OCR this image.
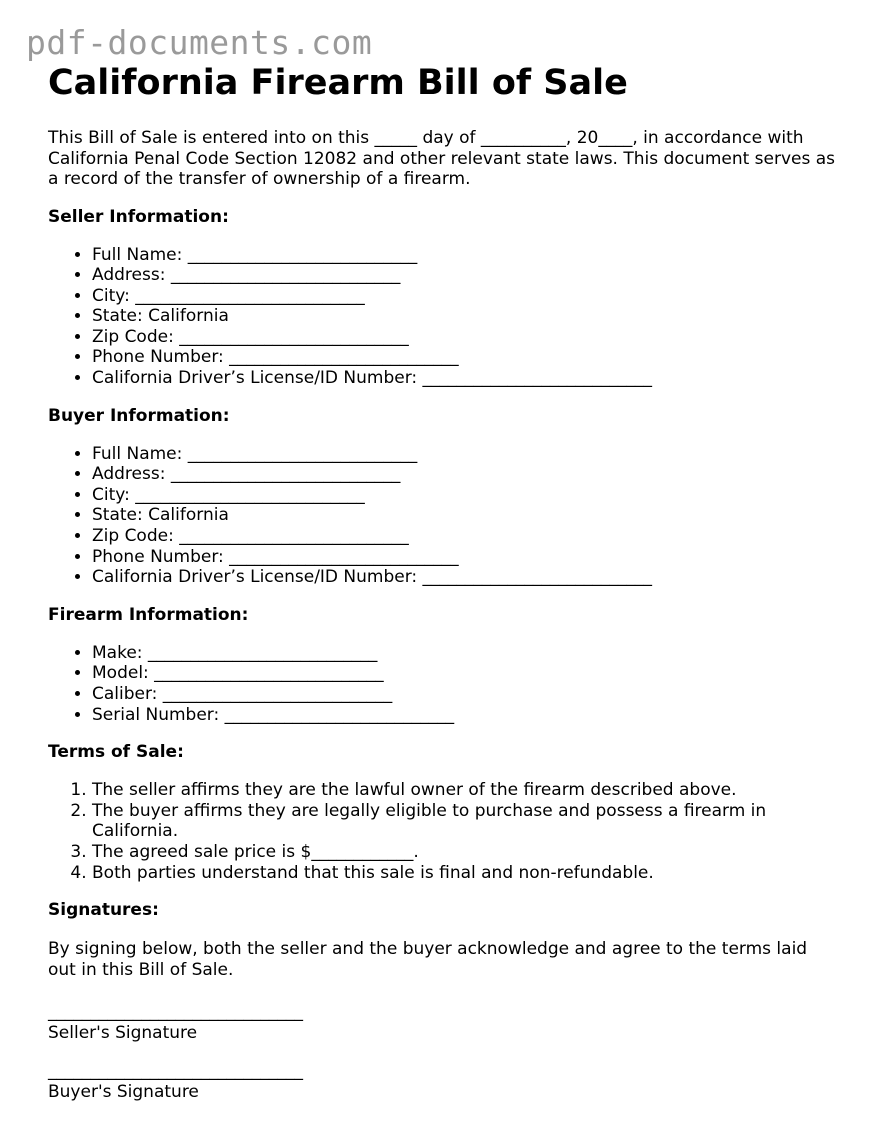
pdf-documents.com
California Firearm Bill of Sale

This Bill of Sale is entered into on this _____ day of __________, 20____, in accordance with California Penal Code Section 12082 and other relevant state laws. This document serves as a record of the transfer of ownership of a firearm.

Seller Information:
• Full Name: ___________________________
• Address: ___________________________
• City: ___________________________
• State: California
• Zip Code: ___________________________
• Phone Number: ___________________________
• California Driver’s License/ID Number: ___________________________
Buyer Information:
• Full Name: ___________________________
• Address: ___________________________
• City: ___________________________
• State: California
• Zip Code: ___________________________
• Phone Number: ___________________________
• California Driver’s License/ID Number: ___________________________
Firearm Information:
• Make: ___________________________
• Model: ___________________________
• Caliber: ___________________________
• Serial Number: ___________________________
Terms of Sale:
1. The seller affirms they are the lawful owner of the firearm described above.
2. The buyer affirms they are legally eligible to purchase and possess a firearm in California.
3. The agreed sale price is $____________.
4. Both parties understand that this sale is final and non-refundable.
Signatures:

By signing below, both the seller and the buyer acknowledge and agree to the terms laid out in this Bill of Sale.

______________________________
Seller's Signature
______________________________
Buyer's Signature
